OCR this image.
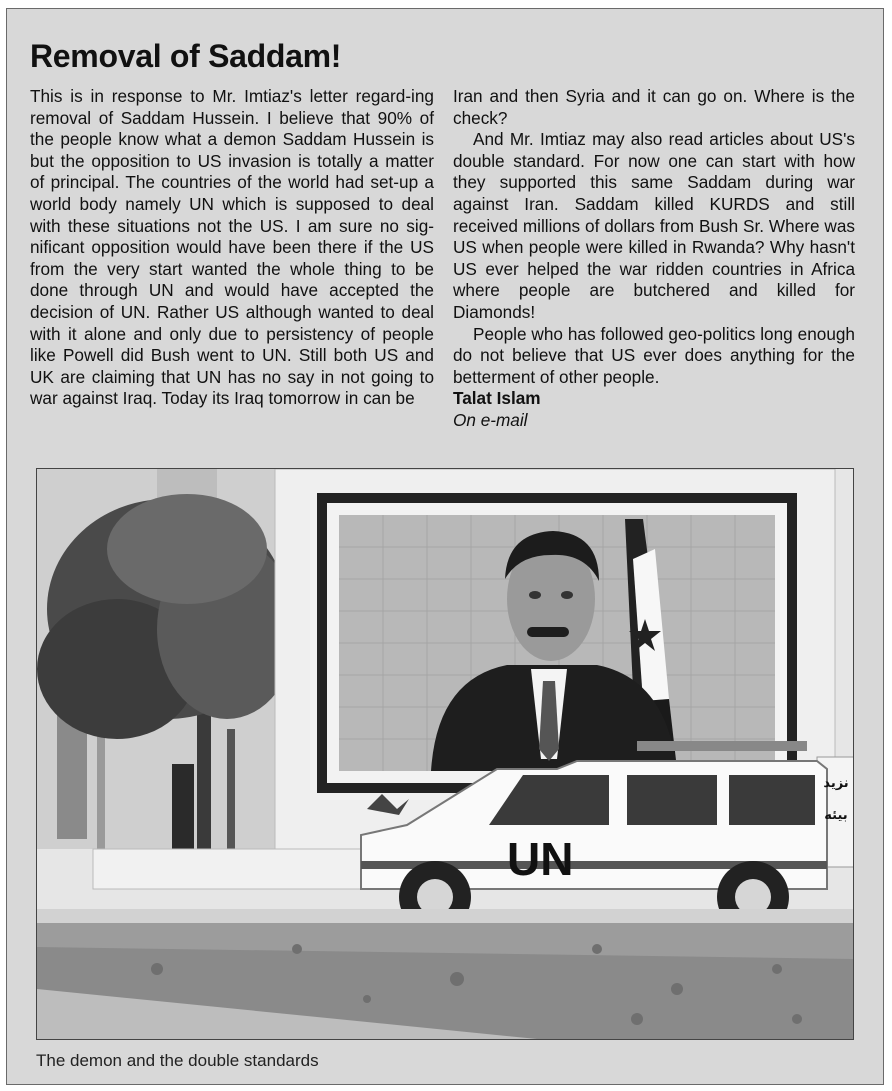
Removal of Saddam!

This is in response to Mr. Imtiaz's letter regard-ing removal of Saddam Hussein. I believe that 90% of the people know what a demon Saddam Hussein is but the opposition to US invasion is totally a matter of principal. The countries of the world had set-up a world body namely UN which is supposed to deal with these situations not the US. I am sure no sig-nificant opposition would have been there if the US from the very start wanted the whole thing to be done through UN and would have accepted the decision of UN. Rather US although wanted to deal with it alone and only due to persistency of people like Powell did Bush went to UN. Still both US and UK are claiming that UN has no say in not going to war against Iraq. Today its Iraq tomorrow in can be

Iran and then Syria and it can go on. Where is the check?

And Mr. Imtiaz may also read articles about US's double standard. For now one can start with how they supported this same Saddam during war against Iran. Saddam killed KURDS and still received millions of dollars from Bush Sr. Where was US when people were killed in Rwanda? Why hasn't US ever helped the war ridden countries in Africa where people are butchered and killed for Diamonds!

People who has followed geo-politics long enough do not believe that US ever does anything for the betterment of other people.

Talat Islam

On e-mail

UN
نزيد
بيئه
The demon and the double standards
